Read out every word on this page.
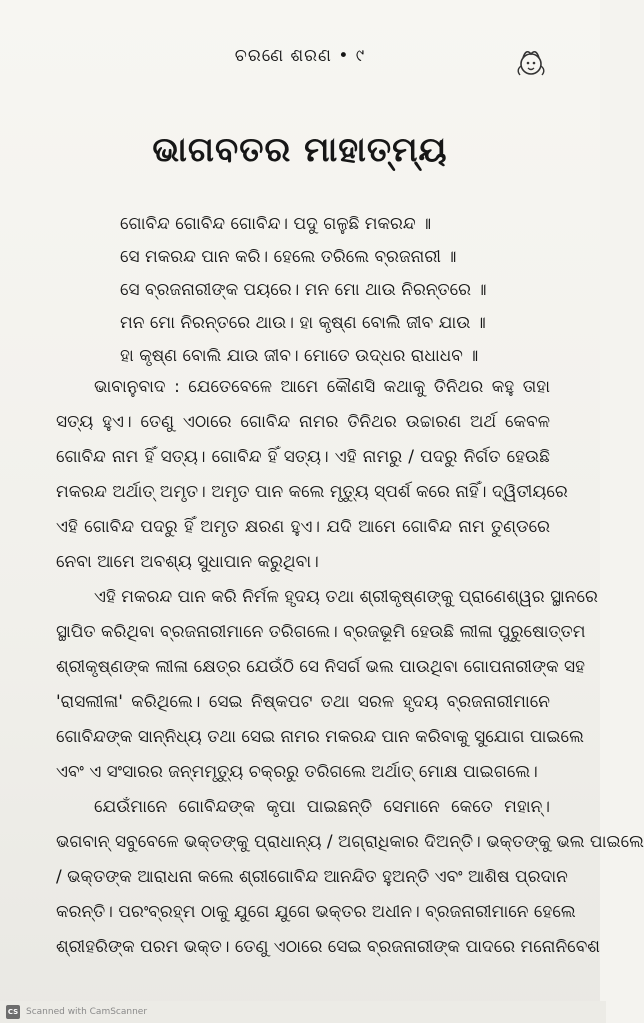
ଚରଣେ ଶରଣ • ୯
ଭାଗବତର ମାହାତ୍ମ୍ୟ
ଗୋବିନ୍ଦ ଗୋବିନ୍ଦ ଗୋବିନ୍ଦ। ପଦୁ ଗଳୁଛି ମକରନ୍ଦ ॥
ସେ ମକରନ୍ଦ ପାନ କରି। ହେଲେ ତରିଲେ ବ୍ରଜନାରୀ ॥
ସେ ବ୍ରଜନାରୀଙ୍କ ପୟରେ। ମନ ମୋ ଥାଉ ନିରନ୍ତରେ ॥
ମନ ମୋ ନିରନ୍ତରେ ଥାଉ। ହା କୃଷ୍ଣ ବୋଲି ଜୀବ ଯାଉ ॥
ହା କୃଷ୍ଣ ବୋଲି ଯାଉ ଜୀବ। ମୋତେ ଉଦ୍ଧର ରାଧାଧବ ॥
ଭାବାନୁବାଦ : ଯେତେବେଳେ ଆମେ କୌଣସି କଥାକୁ ତିନିଥର କହୁ ତାହା
ସତ୍ୟ ହୁଏ। ତେଣୁ ଏଠାରେ ଗୋବିନ୍ଦ ନାମର ତିନିଥର ଉଚ୍ଚାରଣ ଅର୍ଥ କେବଳ
ଗୋବିନ୍ଦ ନାମ ହିଁ ସତ୍ୟ। ଗୋବିନ୍ଦ ହିଁ ସତ୍ୟ। ଏହି ନାମରୁ / ପଦରୁ ନିର୍ଗତ ହେଉଛି
ମକରନ୍ଦ ଅର୍ଥାତ୍ ଅମୃତ। ଅମୃତ ପାନ କଲେ ମୃତ୍ୟୁ ସ୍ପର୍ଶ କରେ ନାହିଁ। ଦ୍ୱିତୀୟରେ
ଏହି ଗୋବିନ୍ଦ ପଦରୁ ହିଁ ଅମୃତ କ୍ଷରଣ ହୁଏ। ଯଦି ଆମେ ଗୋବିନ୍ଦ ନାମ ତୁଣ୍ଡରେ
ନେବା ଆମେ ଅବଶ୍ୟ ସୁଧାପାନ କରୁଥିବା।
ଏହି ମକରନ୍ଦ ପାନ କରି ନିର୍ମଳ ହୃଦୟ ତଥା ଶ୍ରୀକୃଷ୍ଣଙ୍କୁ ପ୍ରାଣେଶ୍ୱର ସ୍ଥାନରେ
ସ୍ଥାପିତ କରିଥିବା ବ୍ରଜନାରୀମାନେ ତରିଗଲେ। ବ୍ରଜଭୂମି ହେଉଛି ଲୀଳା ପୁରୁଷୋତ୍ତମ
ଶ୍ରୀକୃଷ୍ଣଙ୍କ ଲୀଳା କ୍ଷେତ୍ର ଯେଉଁଠି ସେ ନିସର୍ଗ ଭଲ ପାଉଥିବା ଗୋପନାରୀଙ୍କ ସହ
'ରାସଲୀଳା' କରିଥିଲେ। ସେଇ ନିଷ୍କପଟ ତଥା ସରଳ ହୃଦୟ ବ୍ରଜନାରୀମାନେ
ଗୋବିନ୍ଦଙ୍କ ସାନ୍ନିଧ୍ୟ ତଥା ସେଇ ନାମର ମକରନ୍ଦ ପାନ କରିବାକୁ ସୁଯୋଗ ପାଇଲେ
ଏବଂ ଏ ସଂସାରର ଜନ୍ମମୃତ୍ୟୁ ଚକ୍ରରୁ ତରିଗଲେ ଅର୍ଥାତ୍ ମୋକ୍ଷ ପାଇଗଲେ।
ଯେଉଁମାନେ ଗୋବିନ୍ଦଙ୍କ କୃପା ପାଇଛନ୍ତି ସେମାନେ କେତେ ମହାନ୍।
ଭଗବାନ୍ ସବୁବେଳେ ଭକ୍ତଙ୍କୁ ପ୍ରାଧାନ୍ୟ / ଅଗ୍ରାଧିକାର ଦିଅନ୍ତି। ଭକ୍ତଙ୍କୁ ଭଲ ପାଇଲେ
/ ଭକ୍ତଙ୍କ ଆରାଧନା କଲେ ଶ୍ରୀଗୋବିନ୍ଦ ଆନନ୍ଦିତ ହୁଅନ୍ତି ଏବଂ ଆଶିଷ ପ୍ରଦାନ
କରନ୍ତି। ପରଂବ୍ରହ୍ମ ଠାକୁ ଯୁଗେ ଯୁଗେ ଭକ୍ତର ଅଧୀନ। ବ୍ରଜନାରୀମାନେ ହେଲେ
ଶ୍ରୀହରିଙ୍କ ପରମ ଭକ୍ତ। ତେଣୁ ଏଠାରେ ସେଇ ବ୍ରଜନାରୀଙ୍କ ପାଦରେ ମନୋନିବେଶ
CS Scanned with CamScanner
